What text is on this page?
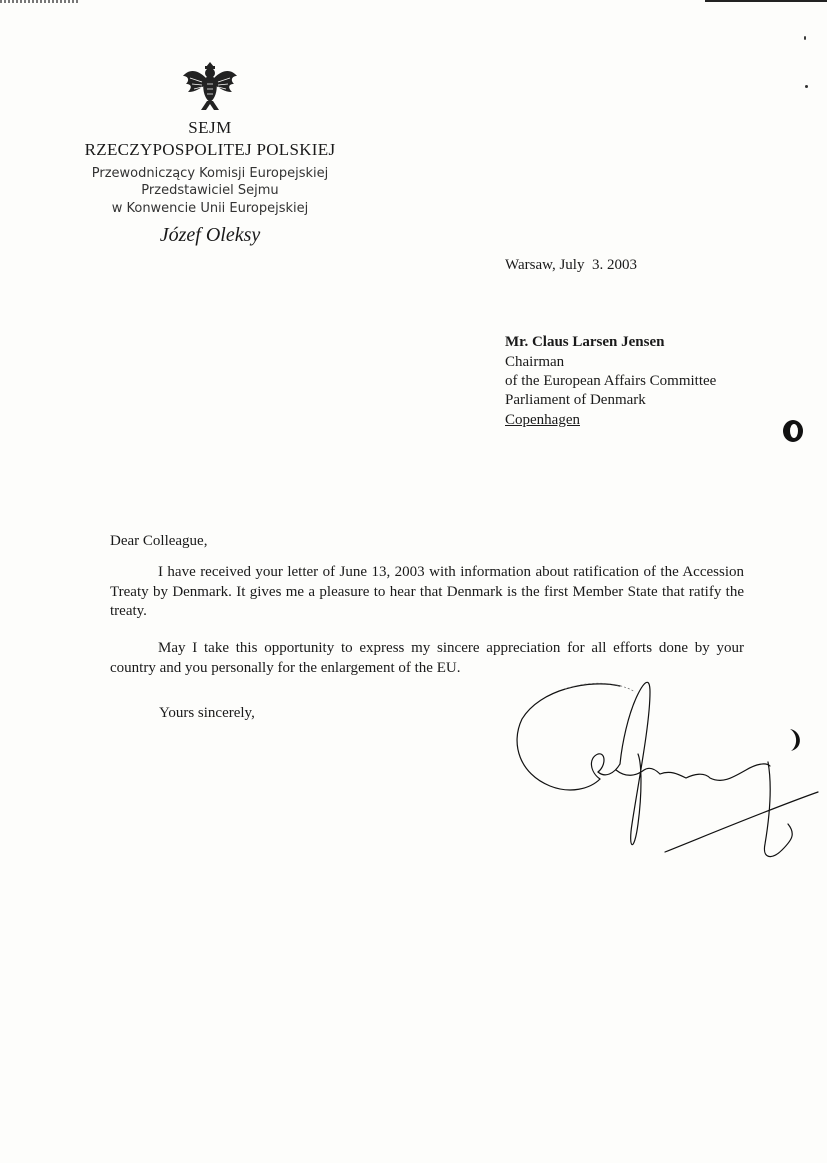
SEJM
RZECZYPOSPOLITEJ POLSKIEJ
Przewodniczący Komisji Europejskiej
Przedstawiciel Sejmu
w Konwencie Unii Europejskiej
Józef Oleksy
Warsaw, July  3. 2003
Mr. Claus Larsen Jensen
Chairman
of the European Affairs Committee
Parliament of Denmark
Copenhagen
Dear Colleague,
I have received your letter of June 13, 2003 with information about ratification of the Accession Treaty by Denmark. It gives me a pleasure to hear that Denmark is the first Member State that ratify the treaty.
May I take this opportunity to express my sincere appreciation for all efforts done by your country and you personally for the enlargement of the EU.
Yours sincerely,
